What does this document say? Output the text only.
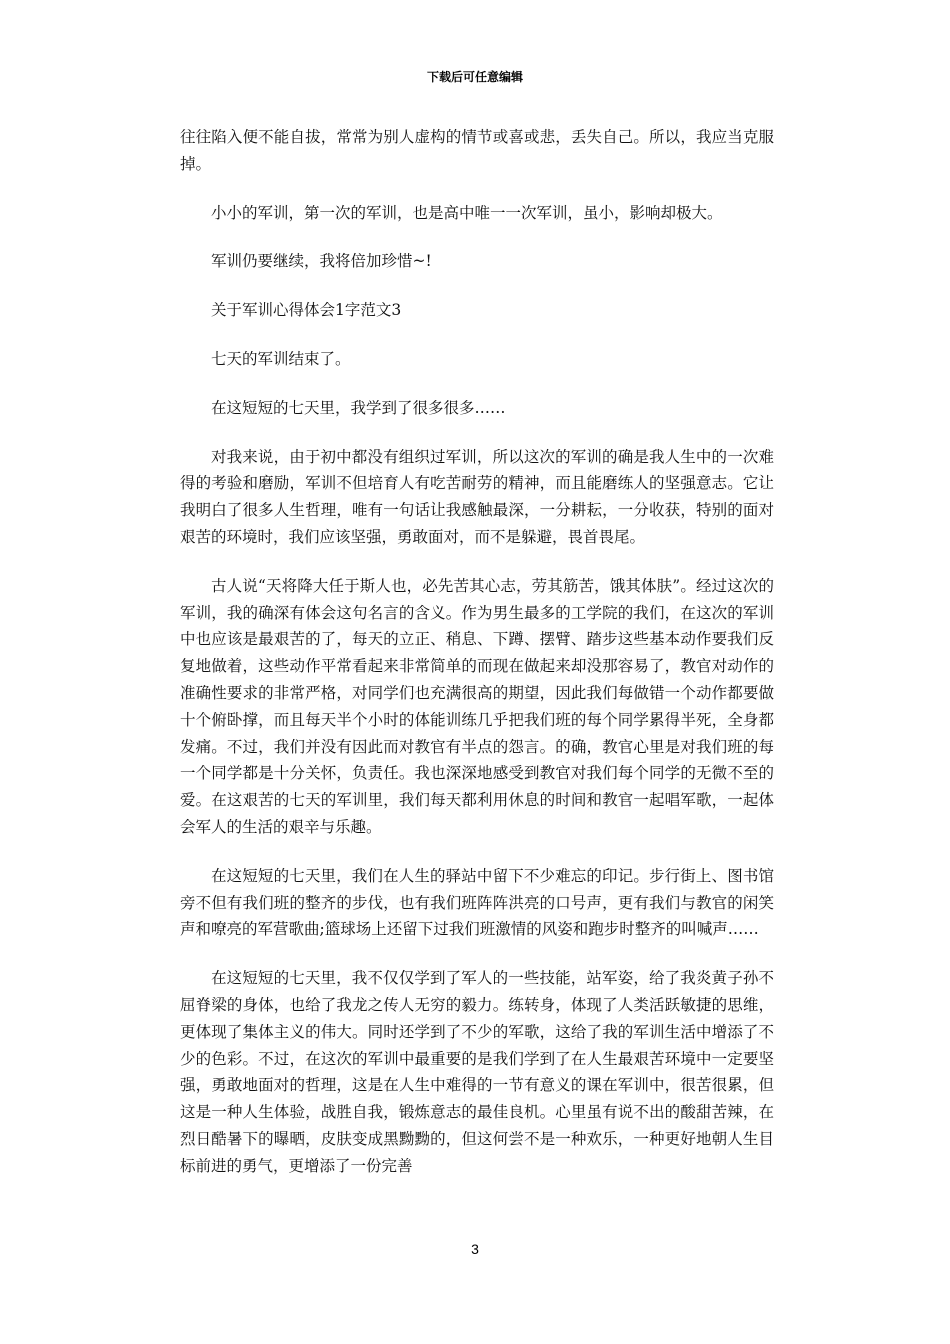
下载后可任意编辑

往往陷入便不能自拔，常常为别人虚构的情节或喜或悲，丢失自己。所以，我应当克服掉。

小小的军训，第一次的军训，也是高中唯一一次军训，虽小，影响却极大。

军训仍要继续，我将倍加珍惜~!

关于军训心得体会1字范文3

七天的军训结束了。

在这短短的七天里，我学到了很多很多……

对我来说，由于初中都没有组织过军训，所以这次的军训的确是我人生中的一次难得的考验和磨励，军训不但培育人有吃苦耐劳的精神，而且能磨练人的坚强意志。它让我明白了很多人生哲理，唯有一句话让我感触最深，一分耕耘，一分收获，特别的面对艰苦的环境时，我们应该坚强，勇敢面对，而不是躲避，畏首畏尾。

古人说“天将降大任于斯人也，必先苦其心志，劳其筋苦，饿其体肤”。经过这次的军训，我的确深有体会这句名言的含义。作为男生最多的工学院的我们，在这次的军训中也应该是最艰苦的了，每天的立正、稍息、下蹲、摆臂、踏步这些基本动作要我们反复地做着，这些动作平常看起来非常简单的而现在做起来却没那容易了，教官对动作的准确性要求的非常严格，对同学们也充满很高的期望，因此我们每做错一个动作都要做十个俯卧撑，而且每天半个小时的体能训练几乎把我们班的每个同学累得半死，全身都发痛。不过，我们并没有因此而对教官有半点的怨言。的确，教官心里是对我们班的每一个同学都是十分关怀，负责任。我也深深地感受到教官对我们每个同学的无微不至的爱。在这艰苦的七天的军训里，我们每天都利用休息的时间和教官一起唱军歌，一起体会军人的生活的艰辛与乐趣。

在这短短的七天里，我们在人生的驿站中留下不少难忘的印记。步行街上、图书馆旁不但有我们班的整齐的步伐，也有我们班阵阵洪亮的口号声，更有我们与教官的闲笑声和嘹亮的军营歌曲;篮球场上还留下过我们班激情的风姿和跑步时整齐的叫喊声……

在这短短的七天里，我不仅仅学到了军人的一些技能，站军姿，给了我炎黄子孙不屈脊梁的身体，也给了我龙之传人无穷的毅力。练转身，体现了人类活跃敏捷的思维，更体现了集体主义的伟大。同时还学到了不少的军歌，这给了我的军训生活中增添了不少的色彩。不过，在这次的军训中最重要的是我们学到了在人生最艰苦环境中一定要坚强，勇敢地面对的哲理，这是在人生中难得的一节有意义的课在军训中，很苦很累，但这是一种人生体验，战胜自我，锻炼意志的最佳良机。心里虽有说不出的酸甜苦辣，在烈日酷暑下的曝晒，皮肤变成黑黝黝的，但这何尝不是一种欢乐，一种更好地朝人生目标前进的勇气，更增添了一份完善

3
